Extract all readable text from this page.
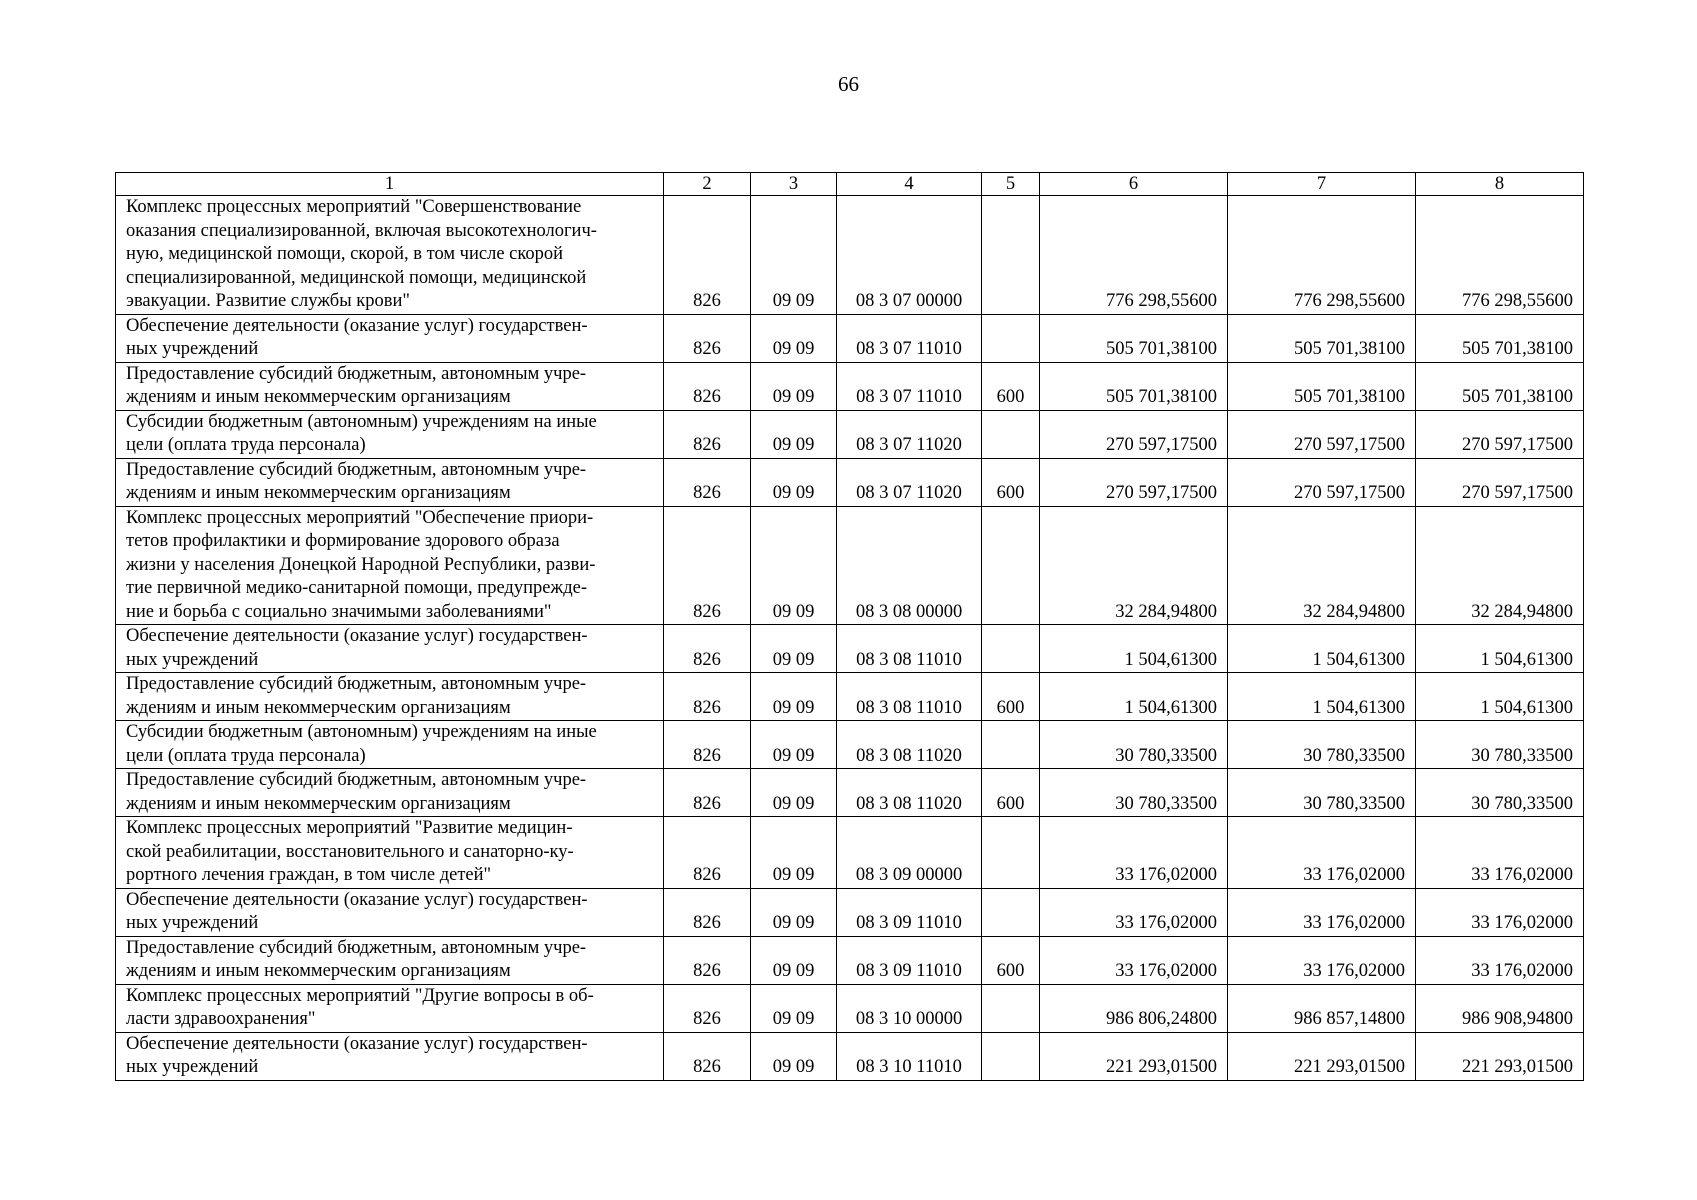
66
1	2	3	4	5	6	7	8
Комплекс процессных мероприятий "Совершенствование
оказания специализированной, включая высокотехнологич-
ную, медицинской помощи, скорой, в том числе скорой
специализированной, медицинской помощи, медицинской
эвакуации. Развитие службы крови"	826	09 09	08 3 07 00000		776 298,55600	776 298,55600	776 298,55600
Обеспечение деятельности (оказание услуг) государствен-
ных учреждений	826	09 09	08 3 07 11010		505 701,38100	505 701,38100	505 701,38100
Предоставление субсидий бюджетным, автономным учре-
ждениям и иным некоммерческим организациям	826	09 09	08 3 07 11010	600	505 701,38100	505 701,38100	505 701,38100
Субсидии бюджетным (автономным) учреждениям на иные
цели (оплата труда персонала)	826	09 09	08 3 07 11020		270 597,17500	270 597,17500	270 597,17500
Предоставление субсидий бюджетным, автономным учре-
ждениям и иным некоммерческим организациям	826	09 09	08 3 07 11020	600	270 597,17500	270 597,17500	270 597,17500
Комплекс процессных мероприятий "Обеспечение приори-
тетов профилактики и формирование здорового образа
жизни у населения Донецкой Народной Республики, разви-
тие первичной медико-санитарной помощи, предупрежде-
ние и борьба с социально значимыми заболеваниями"	826	09 09	08 3 08 00000		32 284,94800	32 284,94800	32 284,94800
Обеспечение деятельности (оказание услуг) государствен-
ных учреждений	826	09 09	08 3 08 11010		1 504,61300	1 504,61300	1 504,61300
Предоставление субсидий бюджетным, автономным учре-
ждениям и иным некоммерческим организациям	826	09 09	08 3 08 11010	600	1 504,61300	1 504,61300	1 504,61300
Субсидии бюджетным (автономным) учреждениям на иные
цели (оплата труда персонала)	826	09 09	08 3 08 11020		30 780,33500	30 780,33500	30 780,33500
Предоставление субсидий бюджетным, автономным учре-
ждениям и иным некоммерческим организациям	826	09 09	08 3 08 11020	600	30 780,33500	30 780,33500	30 780,33500
Комплекс процессных мероприятий "Развитие медицин-
ской реабилитации, восстановительного и санаторно-ку-
рортного лечения граждан, в том числе детей"	826	09 09	08 3 09 00000		33 176,02000	33 176,02000	33 176,02000
Обеспечение деятельности (оказание услуг) государствен-
ных учреждений	826	09 09	08 3 09 11010		33 176,02000	33 176,02000	33 176,02000
Предоставление субсидий бюджетным, автономным учре-
ждениям и иным некоммерческим организациям	826	09 09	08 3 09 11010	600	33 176,02000	33 176,02000	33 176,02000
Комплекс процессных мероприятий "Другие вопросы в об-
ласти здравоохранения"	826	09 09	08 3 10 00000		986 806,24800	986 857,14800	986 908,94800
Обеспечение деятельности (оказание услуг) государствен-
ных учреждений	826	09 09	08 3 10 11010		221 293,01500	221 293,01500	221 293,01500
